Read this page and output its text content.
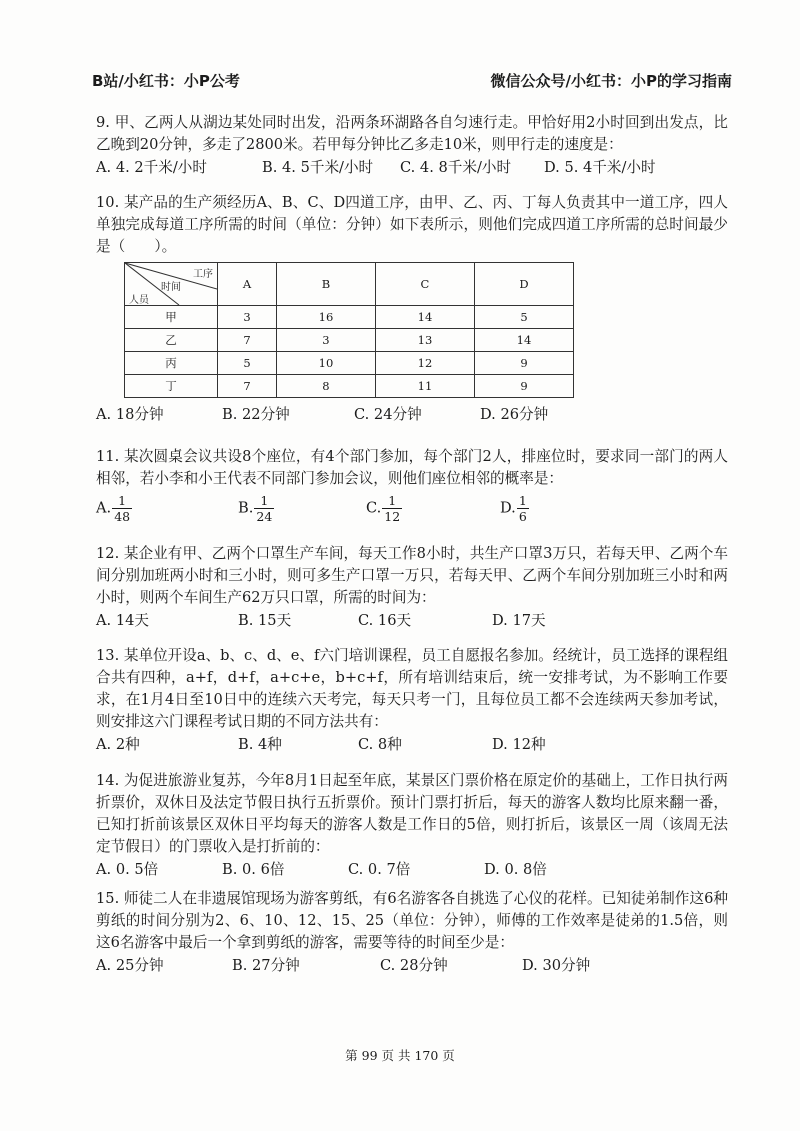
B站/小红书：小P公考	微信公众号/小红书：小P的学习指南

9. 甲、乙两人从湖边某处同时出发，沿两条环湖路各自匀速行走。甲恰好用2小时回到出发点，比乙晚到20分钟，多走了2800米。若甲每分钟比乙多走10米，则甲行走的速度是：

A. 4. 2千米/小时	B. 4. 5千米/小时 C. 4. 8千米/小时 D. 5. 4千米/小时

10. 某产品的生产须经历A、B、C、D四道工序，由甲、乙、丙、丁每人负责其中一道工序，四人单独完成每道工序所需的时间（单位：分钟）如下表所示，则他们完成四道工序所需的总时间最少是（　　）。

工序
时间
人员	A	B	C	D
甲	3	16	14	5
乙	7	3	13	14
丙	5	10	12	9
丁	7	8	11	9
A. 18分钟	B. 22分钟	C. 24分钟	D. 26分钟

11. 某次圆桌会议共设8个座位，有4个部门参加，每个部门2人，排座位时，要求同一部门的两人相邻，若小李和小王代表不同部门参加会议，则他们座位相邻的概率是：

A. $\frac{1}{48}$	B. $\frac{1}{24}$	C. $\frac{1}{12}$	D. $\frac{1}{6}$

12. 某企业有甲、乙两个口罩生产车间，每天工作8小时，共生产口罩3万只，若每天甲、乙两个车间分别加班两小时和三小时，则可多生产口罩一万只，若每天甲、乙两个车间分别加班三小时和两小时，则两个车间生产62万只口罩，所需的时间为：

A. 14天	B. 15天	C. 16天	D. 17天

13. 某单位开设a、b、c、d、e、f六门培训课程，员工自愿报名参加。经统计，员工选择的课程组合共有四种，a+f，d+f，a+c+e，b+c+f，所有培训结束后，统一安排考试，为不影响工作要求，在1月4日至10日中的连续六天考完，每天只考一门，且每位员工都不会连续两天参加考试，则安排这六门课程考试日期的不同方法共有：

A. 2种	B. 4种	C. 8种	D. 12种

14. 为促进旅游业复苏，今年8月1日起至年底，某景区门票价格在原定价的基础上，工作日执行两折票价，双休日及法定节假日执行五折票价。预计门票打折后，每天的游客人数均比原来翻一番，已知打折前该景区双休日平均每天的游客人数是工作日的5倍，则打折后，该景区一周（该周无法定节假日）的门票收入是打折前的：

A. 0. 5倍	B. 0. 6倍	C. 0. 7倍	D. 0. 8倍

15. 师徒二人在非遗展馆现场为游客剪纸，有6名游客各自挑选了心仪的花样。已知徒弟制作这6种剪纸的时间分别为2、6、10、12、15、25（单位：分钟），师傅的工作效率是徒弟的1.5倍，则这6名游客中最后一个拿到剪纸的游客，需要等待的时间至少是：

A. 25分钟	B. 27分钟	C. 28分钟	D. 30分钟
第 99 页 共 170 页
